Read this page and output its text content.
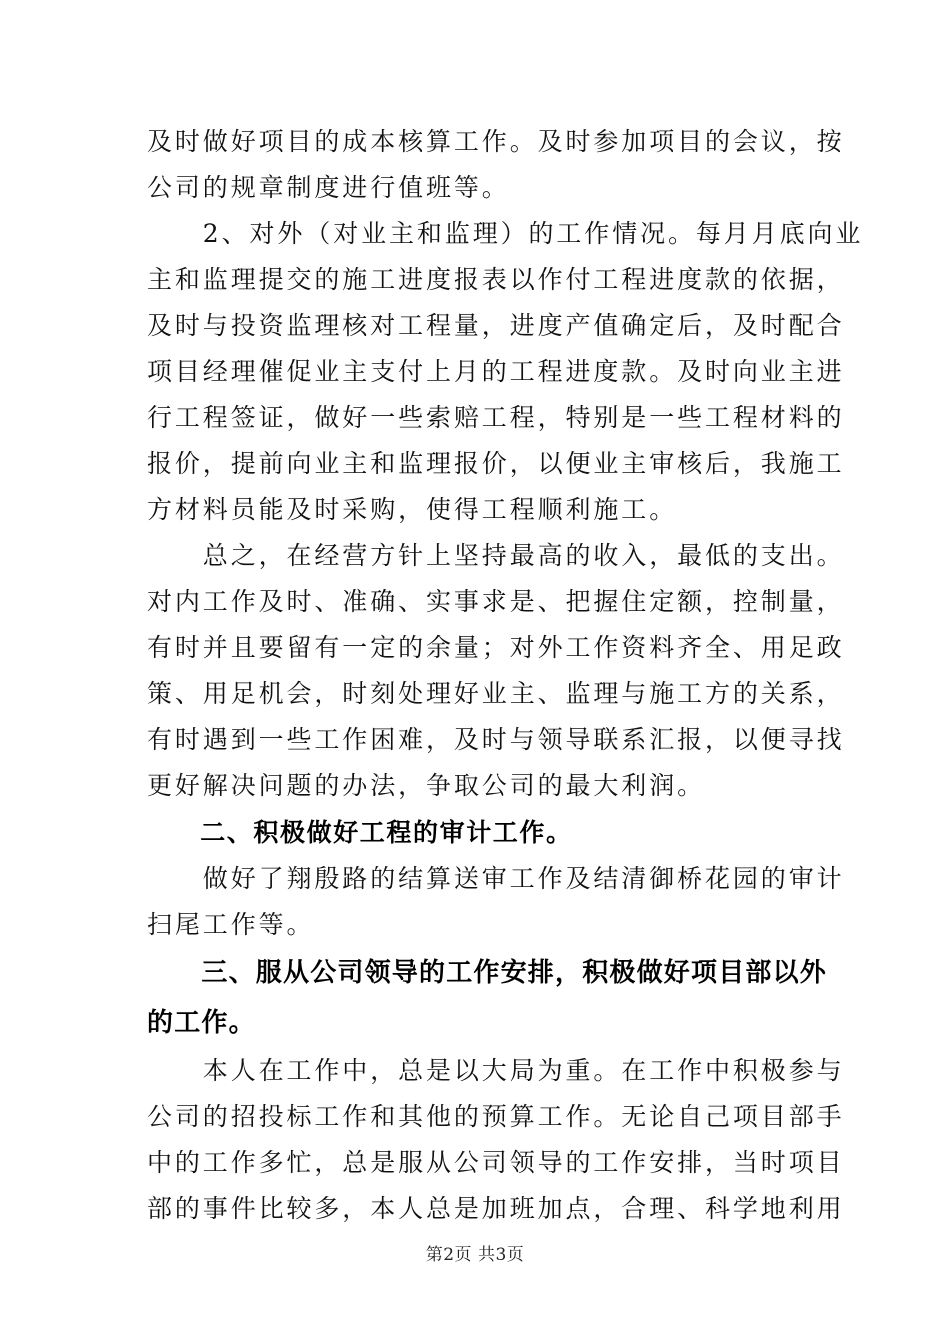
及时做好项目的成本核算工作。及时参加项目的会议，按
公司的规章制度进行值班等。
　　2、对外（对业主和监理）的工作情况。每月月底向业
主和监理提交的施工进度报表以作付工程进度款的依据，
及时与投资监理核对工程量，进度产值确定后，及时配合
项目经理催促业主支付上月的工程进度款。及时向业主进
行工程签证，做好一些索赔工程，特别是一些工程材料的
报价，提前向业主和监理报价，以便业主审核后，我施工
方材料员能及时采购，使得工程顺利施工。
　　总之，在经营方针上坚持最高的收入，最低的支出。
对内工作及时、准确、实事求是、把握住定额，控制量，
有时并且要留有一定的余量；对外工作资料齐全、用足政
策、用足机会，时刻处理好业主、监理与施工方的关系，
有时遇到一些工作困难，及时与领导联系汇报，以便寻找
更好解决问题的办法，争取公司的最大利润。
　　二、积极做好工程的审计工作。
　　做好了翔殷路的结算送审工作及结清御桥花园的审计
扫尾工作等。
　　三、服从公司领导的工作安排，积极做好项目部以外
的工作。
　　本人在工作中，总是以大局为重。在工作中积极参与
公司的招投标工作和其他的预算工作。无论自己项目部手
中的工作多忙，总是服从公司领导的工作安排，当时项目
部的事件比较多，本人总是加班加点，合理、科学地利用
第2页 共3页
